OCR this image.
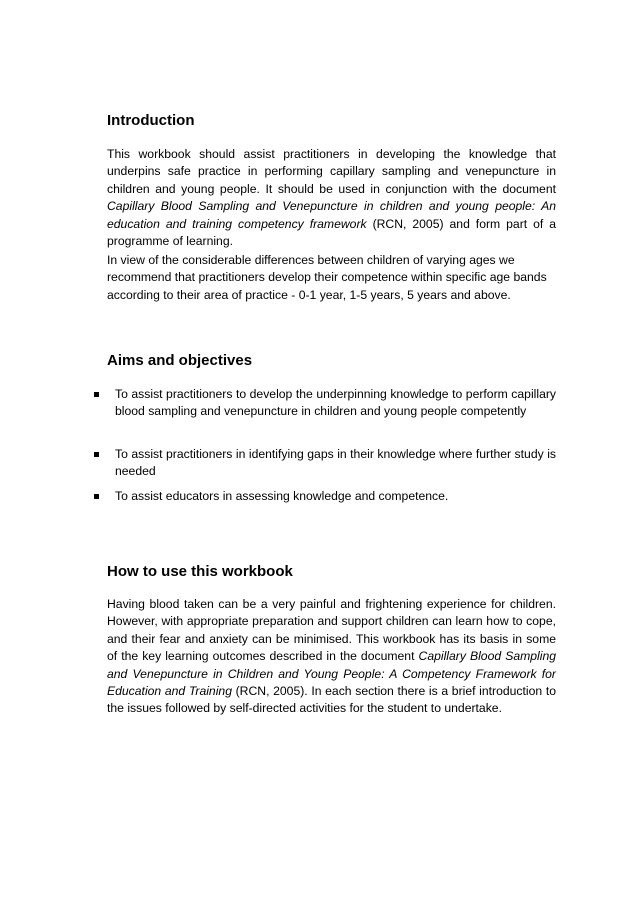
Introduction

This workbook should assist practitioners in developing the knowledge that underpins safe practice in performing capillary sampling and venepuncture in children and young people. It should be used in conjunction with the document Capillary Blood Sampling and Venepuncture in children and young people: An education and training competency framework (RCN, 2005) and form part of a programme of learning.

In view of the considerable differences between children of varying ages we recommend that practitioners develop their competence within specific age bands according to their area of practice - 0-1 year, 1-5 years, 5 years and above.

Aims and objectives
To assist practitioners to develop the underpinning knowledge to perform capillary blood sampling and venepuncture in children and young people competently
To assist practitioners in identifying gaps in their knowledge where further study is needed
To assist educators in assessing knowledge and competence.
How to use this workbook

Having blood taken can be a very painful and frightening experience for children. However, with appropriate preparation and support children can learn how to cope, and their fear and anxiety can be minimised. This workbook has its basis in some of the key learning outcomes described in the document Capillary Blood Sampling and Venepuncture in Children and Young People: A Competency Framework for Education and Training (RCN, 2005). In each section there is a brief introduction to the issues followed by self-directed activities for the student to undertake.
